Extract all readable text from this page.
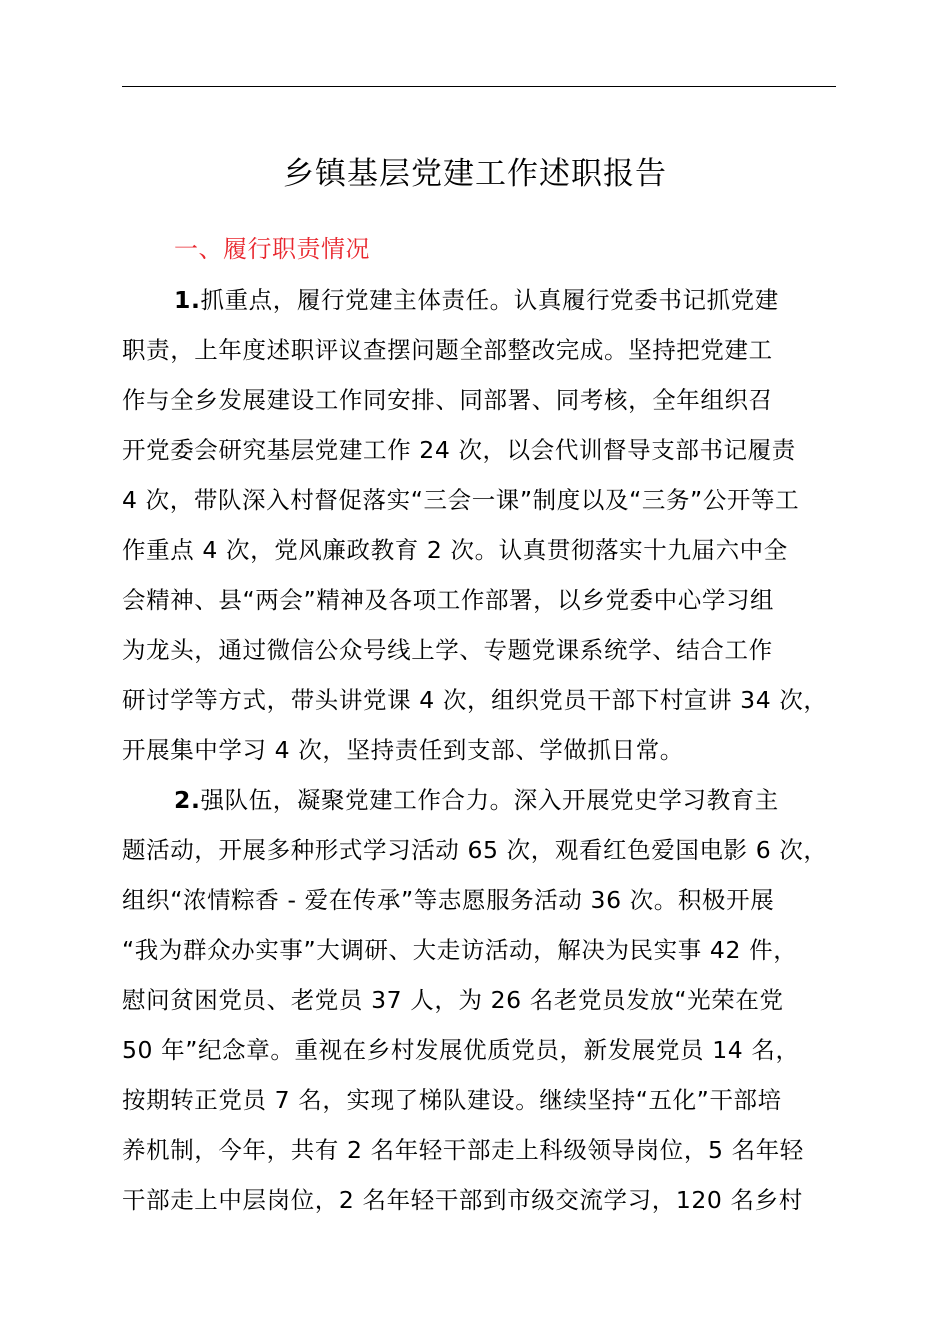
乡镇基层党建工作述职报告
一、履行职责情况
1.抓重点，履行党建主体责任。认真履行党委书记抓党建
职责，上年度述职评议查摆问题全部整改完成。坚持把党建工
作与全乡发展建设工作同安排、同部署、同考核，全年组织召
开党委会研究基层党建工作 24 次，以会代训督导支部书记履责
4 次，带队深入村督促落实“三会一课”制度以及“三务”公开等工
作重点 4 次，党风廉政教育 2 次。认真贯彻落实十九届六中全
会精神、县“两会”精神及各项工作部署，以乡党委中心学习组
为龙头，通过微信公众号线上学、专题党课系统学、结合工作
研讨学等方式，带头讲党课 4 次，组织党员干部下村宣讲 34 次，
开展集中学习 4 次，坚持责任到支部、学做抓日常。
2.强队伍，凝聚党建工作合力。深入开展党史学习教育主
题活动，开展多种形式学习活动 65 次，观看红色爱国电影 6 次，
组织“浓情粽香 - 爱在传承”等志愿服务活动 36 次。积极开展
“我为群众办实事”大调研、大走访活动，解决为民实事 42 件，
慰问贫困党员、老党员 37 人，为 26 名老党员发放“光荣在党
50 年”纪念章。重视在乡村发展优质党员，新发展党员 14 名，
按期转正党员 7 名，实现了梯队建设。继续坚持“五化”干部培
养机制，今年，共有 2 名年轻干部走上科级领导岗位，5 名年轻
干部走上中层岗位，2 名年轻干部到市级交流学习，120 名乡村
